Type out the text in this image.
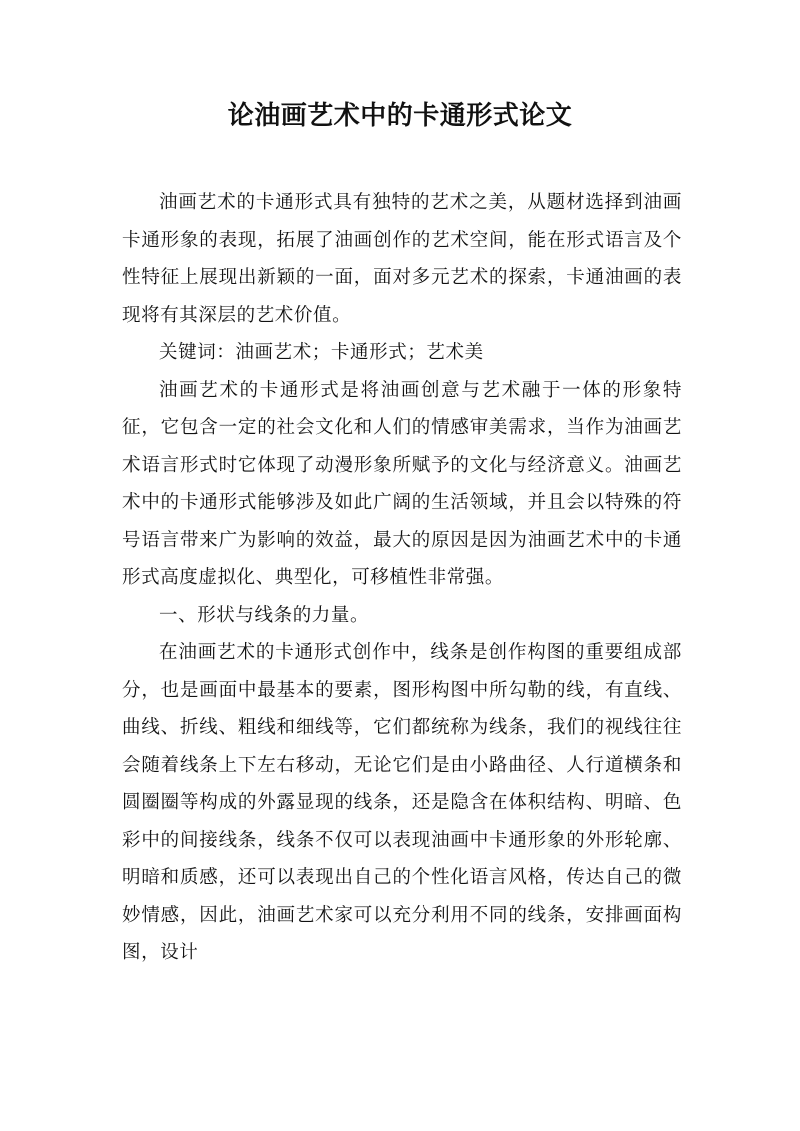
论油画艺术中的卡通形式论文

油画艺术的卡通形式具有独特的艺术之美，从题材选择到油画卡通形象的表现，拓展了油画创作的艺术空间，能在形式语言及个性特征上展现出新颖的一面，面对多元艺术的探索，卡通油画的表现将有其深层的艺术价值。

关键词：油画艺术；卡通形式；艺术美

油画艺术的卡通形式是将油画创意与艺术融于一体的形象特征，它包含一定的社会文化和人们的情感审美需求，当作为油画艺术语言形式时它体现了动漫形象所赋予的文化与经济意义。油画艺术中的卡通形式能够涉及如此广阔的生活领域，并且会以特殊的符号语言带来广为影响的效益，最大的原因是因为油画艺术中的卡通形式高度虚拟化、典型化，可移植性非常强。

一、形状与线条的力量。

在油画艺术的卡通形式创作中，线条是创作构图的重要组成部分，也是画面中最基本的要素，图形构图中所勾勒的线，有直线、曲线、折线、粗线和细线等，它们都统称为线条，我们的视线往往会随着线条上下左右移动，无论它们是由小路曲径、人行道横条和圆圈圈等构成的外露显现的线条，还是隐含在体积结构、明暗、色彩中的间接线条，线条不仅可以表现油画中卡通形象的外形轮廓、明暗和质感，还可以表现出自己的个性化语言风格，传达自己的微妙情感，因此，油画艺术家可以充分利用不同的线条，安排画面构图，设计
